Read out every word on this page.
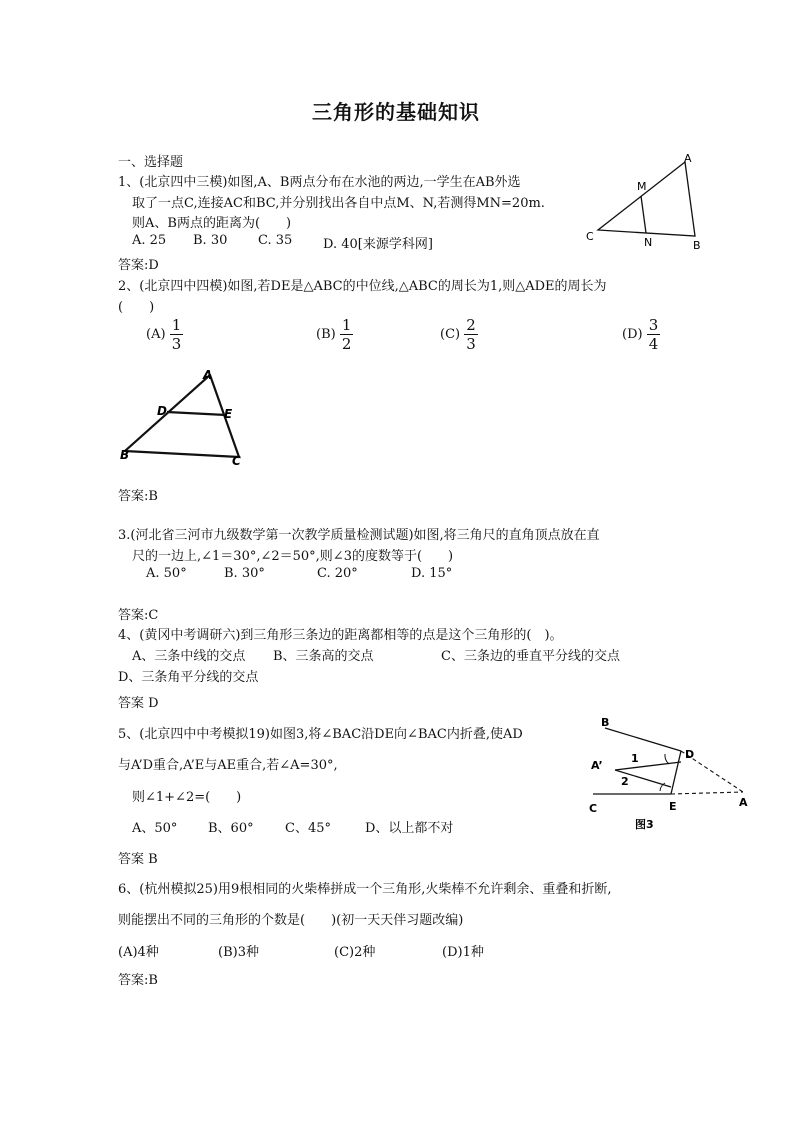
三角形的基础知识
一、选择题
1、(北京四中三模)如图,A、B两点分布在水池的两边,一学生在AB外选
取了一点C,连接AC和BC,并分别找出各自中点M、N,若测得MN=20m.
则A、B两点的距离为(　　)
A. 25 B. 30 C. 35 D. 40[来源学科网]
答案:D
A
M
C	N	B
2、(北京四中四模)如图,若DE是△ABC的中位线,△ABC的周长为1,则△ADE的周长为
(　　)
$(A) \frac{1}{3}$	$(B) \frac{1}{2}$	$(C) \frac{2}{3}$	$(D) \frac{3}{4}$
A
D	E
B	C
答案:B
3.(河北省三河市九级数学第一次教学质量检测试题)如图,将三角尺的直角顶点放在直
尺的一边上,∠1＝30°,∠2＝50°,则∠3的度数等于(　　)
A. 50°	B. 30°	C. 20°	D. 15°
答案:C
4、(黄冈中考调研六)到三角形三条边的距离都相等的点是这个三角形的(　)。
A、三条中线的交点 B、三条高的交点	C、三条边的垂直平分线的交点
D、三条角平分线的交点
答案 D
5、(北京四中中考模拟19)如图3,将∠BAC沿DE向∠BAC内折叠,使AD
与A’D重合,A’E与AE重合,若∠A=30°,
则∠1+∠2=(　　)
A、50° B、60° C、45°	D、以上都不对
答案 B
B
D
A’
1
2
C	E	A
图3
6、(杭州模拟25)用9根相同的火柴棒拼成一个三角形,火柴棒不允许剩余、重叠和折断,
则能摆出不同的三角形的个数是(　　)(初一天天伴习题改编)
(A)4种	(B)3种	(C)2种	(D)1种
答案:B
